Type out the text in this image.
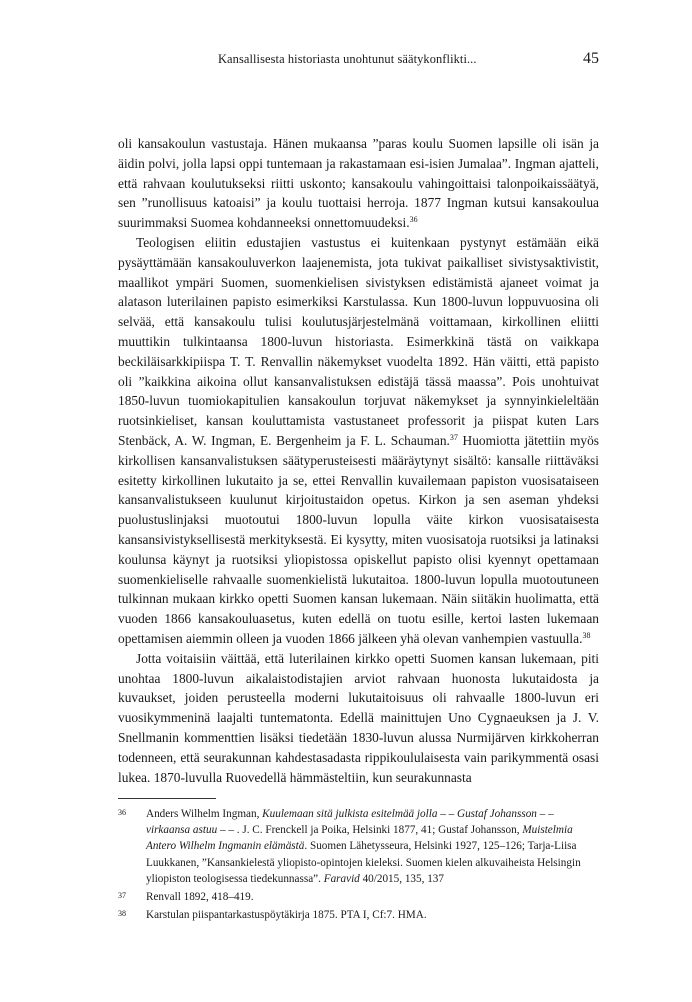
Kansallisesta historiasta unohtunut säätykonflikti...	45

oli kansakoulun vastustaja. Hänen mukaansa ”paras koulu Suomen lapsille oli isän ja äidin polvi, jolla lapsi oppi tuntemaan ja rakastamaan esi-isien Jumalaa”. Ingman ajatteli, että rahvaan koulutukseksi riitti uskonto; kansakoulu vahingoittaisi talonpoikaissäätyä, sen ”runollisuus katoaisi” ja koulu tuottaisi herroja. 1877 Ingman kutsui kansakoulua suurimmaksi Suomea kohdanneeksi onnettomuudeksi.$^{36}$

Teologisen eliitin edustajien vastustus ei kuitenkaan pystynyt estämään eikä pysäyttämään kansakouluverkon laajenemista, jota tukivat paikalliset sivistysaktivistit, maallikot ympäri Suomen, suomenkielisen sivistyksen edistämistä ajaneet voimat ja alatason luterilainen papisto esimerkiksi Karstulassa. Kun 1800-luvun loppuvuosina oli selvää, että kansakoulu tulisi koulutusjärjestelmänä voittamaan, kirkollinen eliitti muuttikin tulkintaansa 1800-luvun historiasta. Esimerkkinä tästä on vaikkapa beckiläisarkkipiispa T. T. Renvallin näkemykset vuodelta 1892. Hän väitti, että papisto oli ”kaikkina aikoina ollut kansanvalistuksen edistäjä tässä maassa”. Pois unohtuivat 1850-luvun tuomiokapitulien kansakoulun torjuvat näkemykset ja synnyinkieleltään ruotsinkieliset, kansan kouluttamista vastustaneet professorit ja piispat kuten Lars Stenbäck, A. W. Ingman, E. Bergenheim ja F. L. Schauman.$^{37}$ Huomiotta jätettiin myös kirkollisen kansanvalistuksen säätyperusteisesti määräytynyt sisältö: kansalle riittäväksi esitetty kirkollinen lukutaito ja se, ettei Renvallin kuvailemaan papiston vuosisataiseen kansanvalistukseen kuulunut kirjoitustaidon opetus. Kirkon ja sen aseman yhdeksi puolustuslinjaksi muotoutui 1800-luvun lopulla väite kirkon vuosisataisesta kansansivistyksellisestä merkityksestä. Ei kysytty, miten vuosisatoja ruotsiksi ja latinaksi koulunsa käynyt ja ruotsiksi yliopistossa opiskellut papisto olisi kyennyt opettamaan suomenkieliselle rahvaalle suomenkielistä lukutaitoa. 1800-luvun lopulla muotoutuneen tulkinnan mukaan kirkko opetti Suomen kansan lukemaan. Näin siitäkin huolimatta, että vuoden 1866 kansakouluasetus, kuten edellä on tuotu esille, kertoi lasten lukemaan opettamisen aiemmin olleen ja vuoden 1866 jälkeen yhä olevan vanhempien vastuulla.$^{38}$

Jotta voitaisiin väittää, että luterilainen kirkko opetti Suomen kansan lukemaan, piti unohtaa 1800-luvun aikalaistodistajien arviot rahvaan huonosta lukutaidosta ja kuvaukset, joiden perusteella moderni lukutaitoisuus oli rahvaalle 1800-luvun eri vuosikymmeninä laajalti tuntematonta. Edellä mainittujen Uno Cygnaeuksen ja J. V. Snellmanin kommenttien lisäksi tiedetään 1830-luvun alussa Nurmijärven kirkkoherran todenneen, että seurakunnan kahdestasadasta rippikoululaisesta vain parikymmentä osasi lukea. 1870-luvulla Ruovedellä hämmästeltiin, kun seurakunnasta

36 Anders Wilhelm Ingman, Kuulemaan sitä julkista esitelmää jolla – – Gustaf Johansson – – virkaansa astuu – – . J. C. Frenckell ja Poika, Helsinki 1877, 41; Gustaf Johansson, Muistelmia Antero Wilhelm Ingmanin elämästä. Suomen Lähetysseura, Helsinki 1927, 125–126; Tarja-Liisa Luukkanen, ”Kansankielestä yliopisto-opintojen kieleksi. Suomen kielen alkuvaiheista Helsingin yliopiston teologisessa tiedekunnassa”. Faravid 40/2015, 135, 137
37 Renvall 1892, 418–419.
38 Karstulan piispantarkastuspöytäkirja 1875. PTA I, Cf:7. HMA.
